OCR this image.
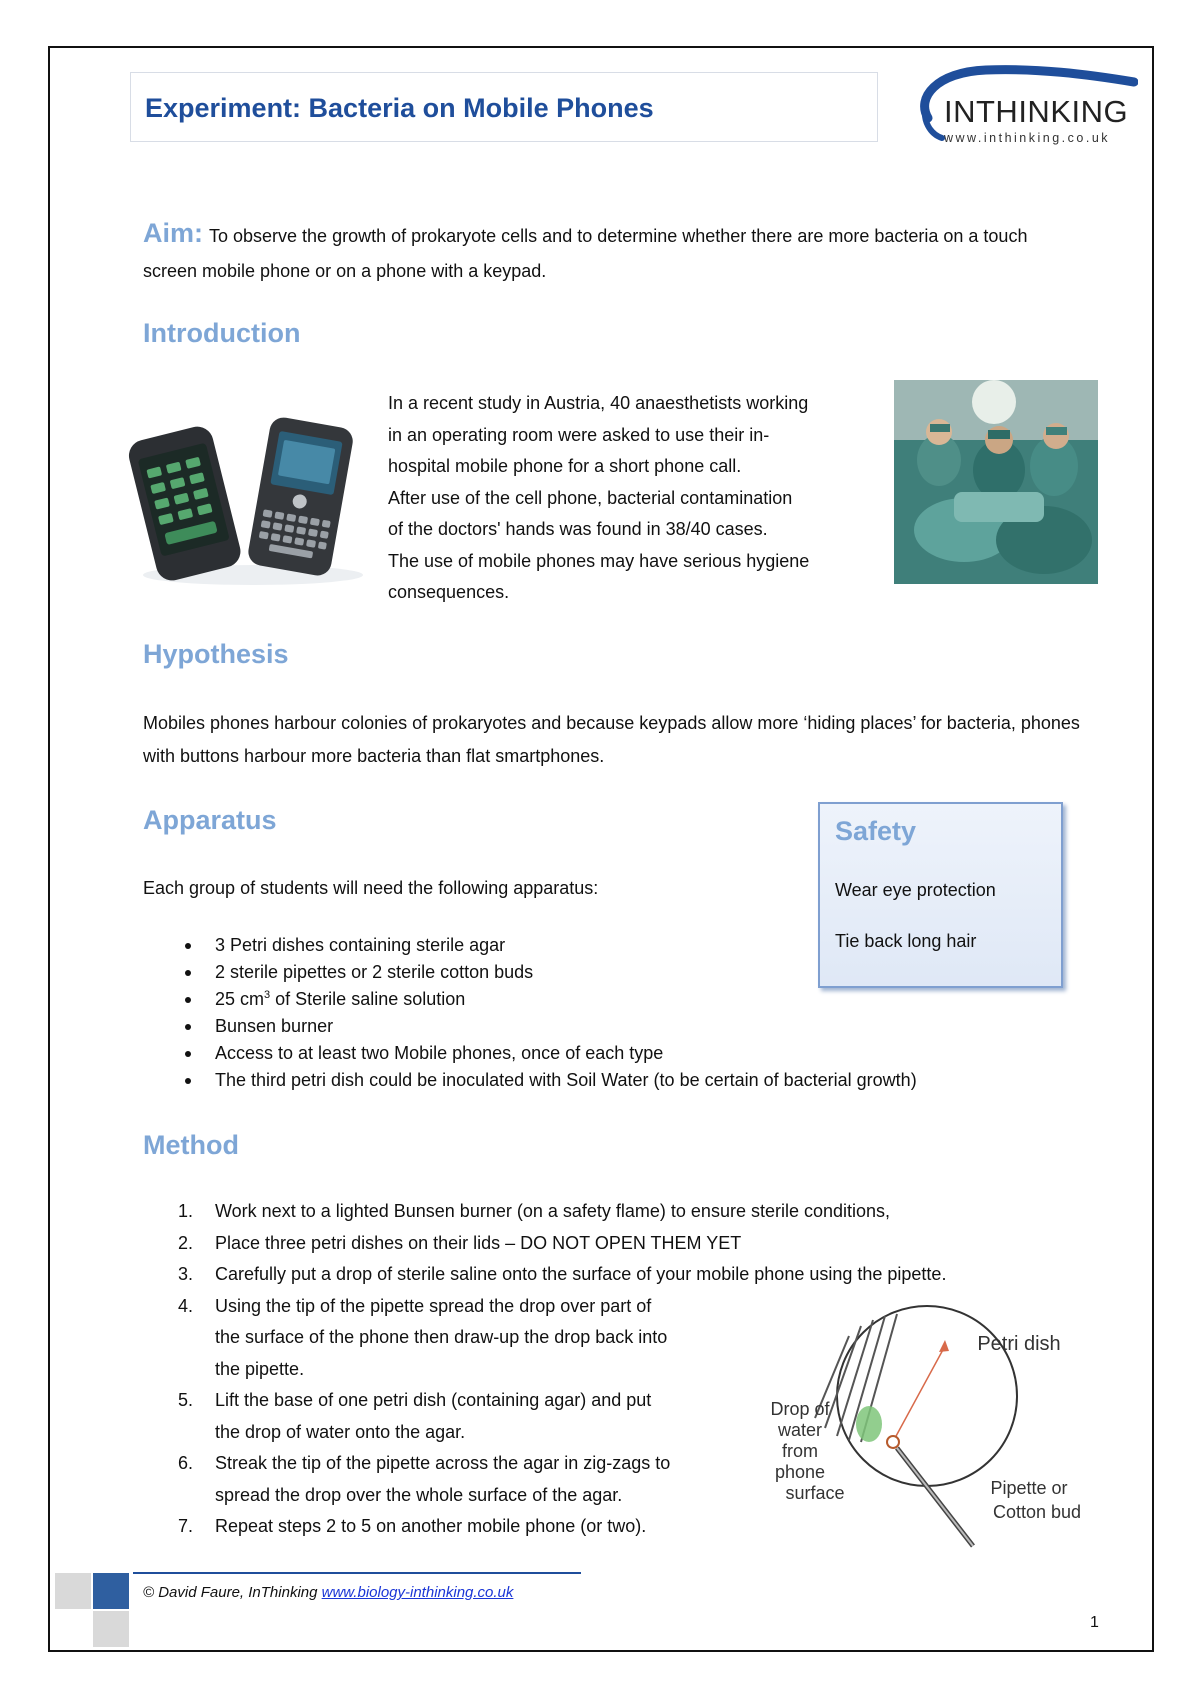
Experiment: Bacteria on Mobile Phones	INTHINKING
www.inthinking.co.uk

Aim: To observe the growth of prokaryote cells and to determine whether there are more bacteria on a touch screen mobile phone or on a phone with a keypad.

Introduction
In a recent study in Austria, 40 anaesthetists working
in an operating room were asked to use their in-
hospital mobile phone for a short phone call.
After use of the cell phone, bacterial contamination
of the doctors' hands was found in 38/40 cases.
The use of mobile phones may have serious hygiene
consequences.
Hypothesis

Mobiles phones harbour colonies of prokaryotes and because keypads allow more ‘hiding places’ for bacteria, phones with buttons harbour more bacteria than flat smartphones.

Apparatus

Each group of students will need the following apparatus:

3 Petri dishes containing sterile agar
2 sterile pipettes or 2 sterile cotton buds
25 $cm^3$ of Sterile saline solution
Bunsen burner
Access to at least two Mobile phones, once of each type
The third petri dish could be inoculated with Soil Water (to be certain of bacterial growth)
Safety
Wear eye protection
Tie back long hair
Method
1. Work next to a lighted Bunsen burner (on a safety flame) to ensure sterile conditions,
2. Place three petri dishes on their lids – DO NOT OPEN THEM YET
3. Carefully put a drop of sterile saline onto the surface of your mobile phone using the pipette.
4. Using the tip of the pipette spread the drop over part of
the surface of the phone then draw-up the drop back into
the pipette.
5. Lift the base of one petri dish (containing agar) and put
the drop of water onto the agar.
6. Streak the tip of the pipette across the agar in zig-zags to
spread the drop over the whole surface of the agar.
7. Repeat steps 2 to 5 on another mobile phone (or two).
Petri dish
Drop of
water
from
phone
surface	Pipette or
Cotton bud
© David Faure, InThinking www.biology-inthinking.co.uk
1
